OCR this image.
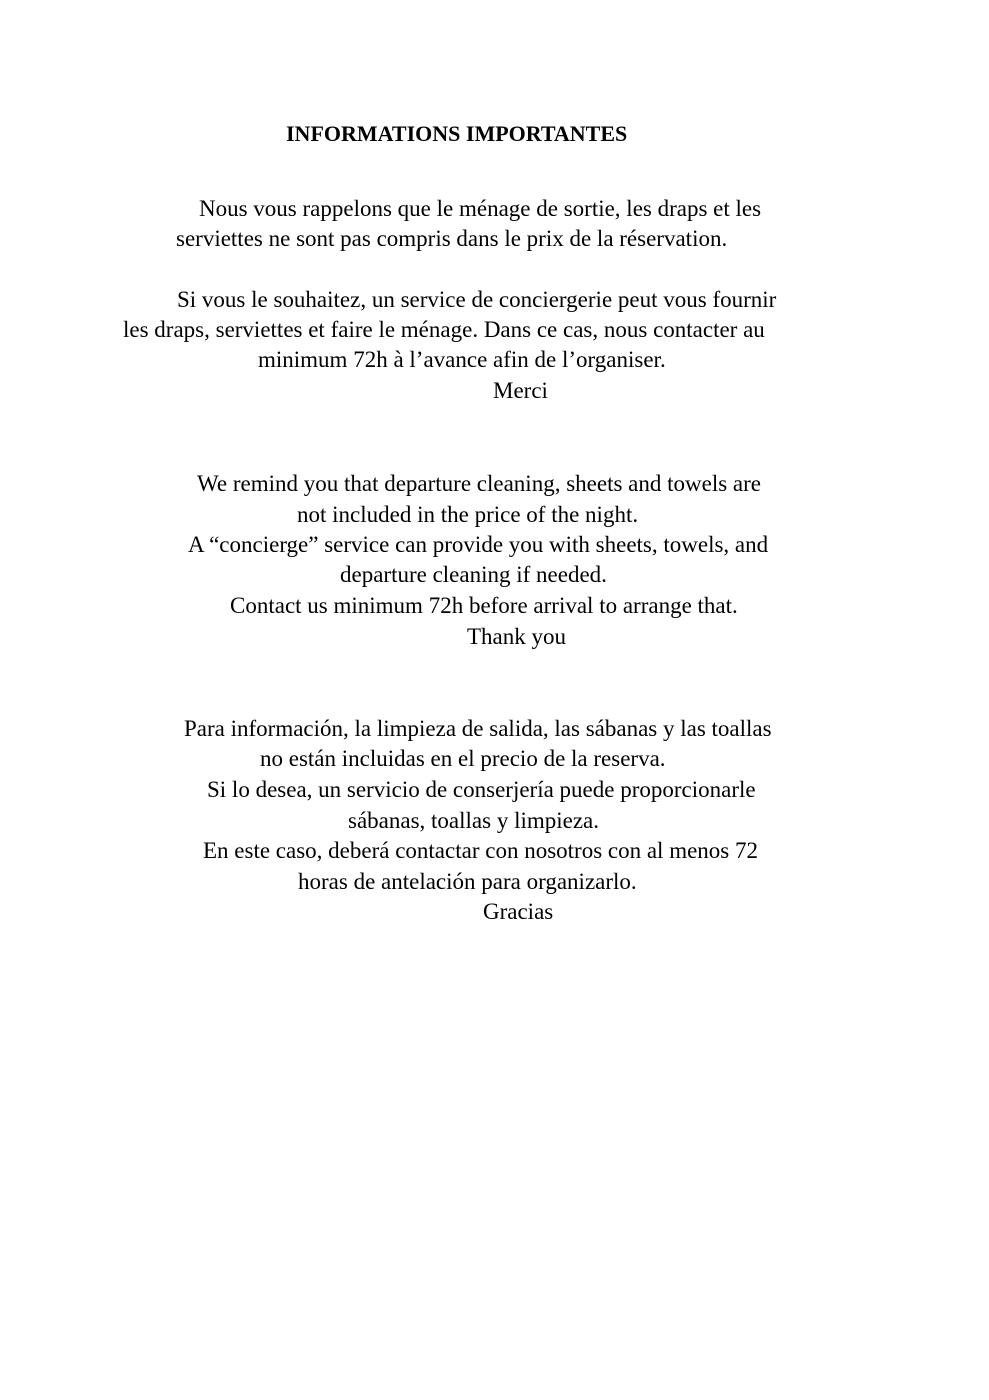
INFORMATIONS IMPORTANTES
Nous vous rappelons que le ménage de sortie, les draps et les
serviettes ne sont pas compris dans le prix de la réservation.
Si vous le souhaitez, un service de conciergerie peut vous fournir
les draps, serviettes et faire le ménage. Dans ce cas, nous contacter au
minimum 72h à l’avance afin de l’organiser.
Merci
We remind you that departure cleaning, sheets and towels are
not included in the price of the night.
A “concierge” service can provide you with sheets, towels, and
departure cleaning if needed.
Contact us minimum 72h before arrival to arrange that.
Thank you
Para información, la limpieza de salida, las sábanas y las toallas
no están incluidas en el precio de la reserva.
Si lo desea, un servicio de conserjería puede proporcionarle
sábanas, toallas y limpieza.
En este caso, deberá contactar con nosotros con al menos 72
horas de antelación para organizarlo.
Gracias
